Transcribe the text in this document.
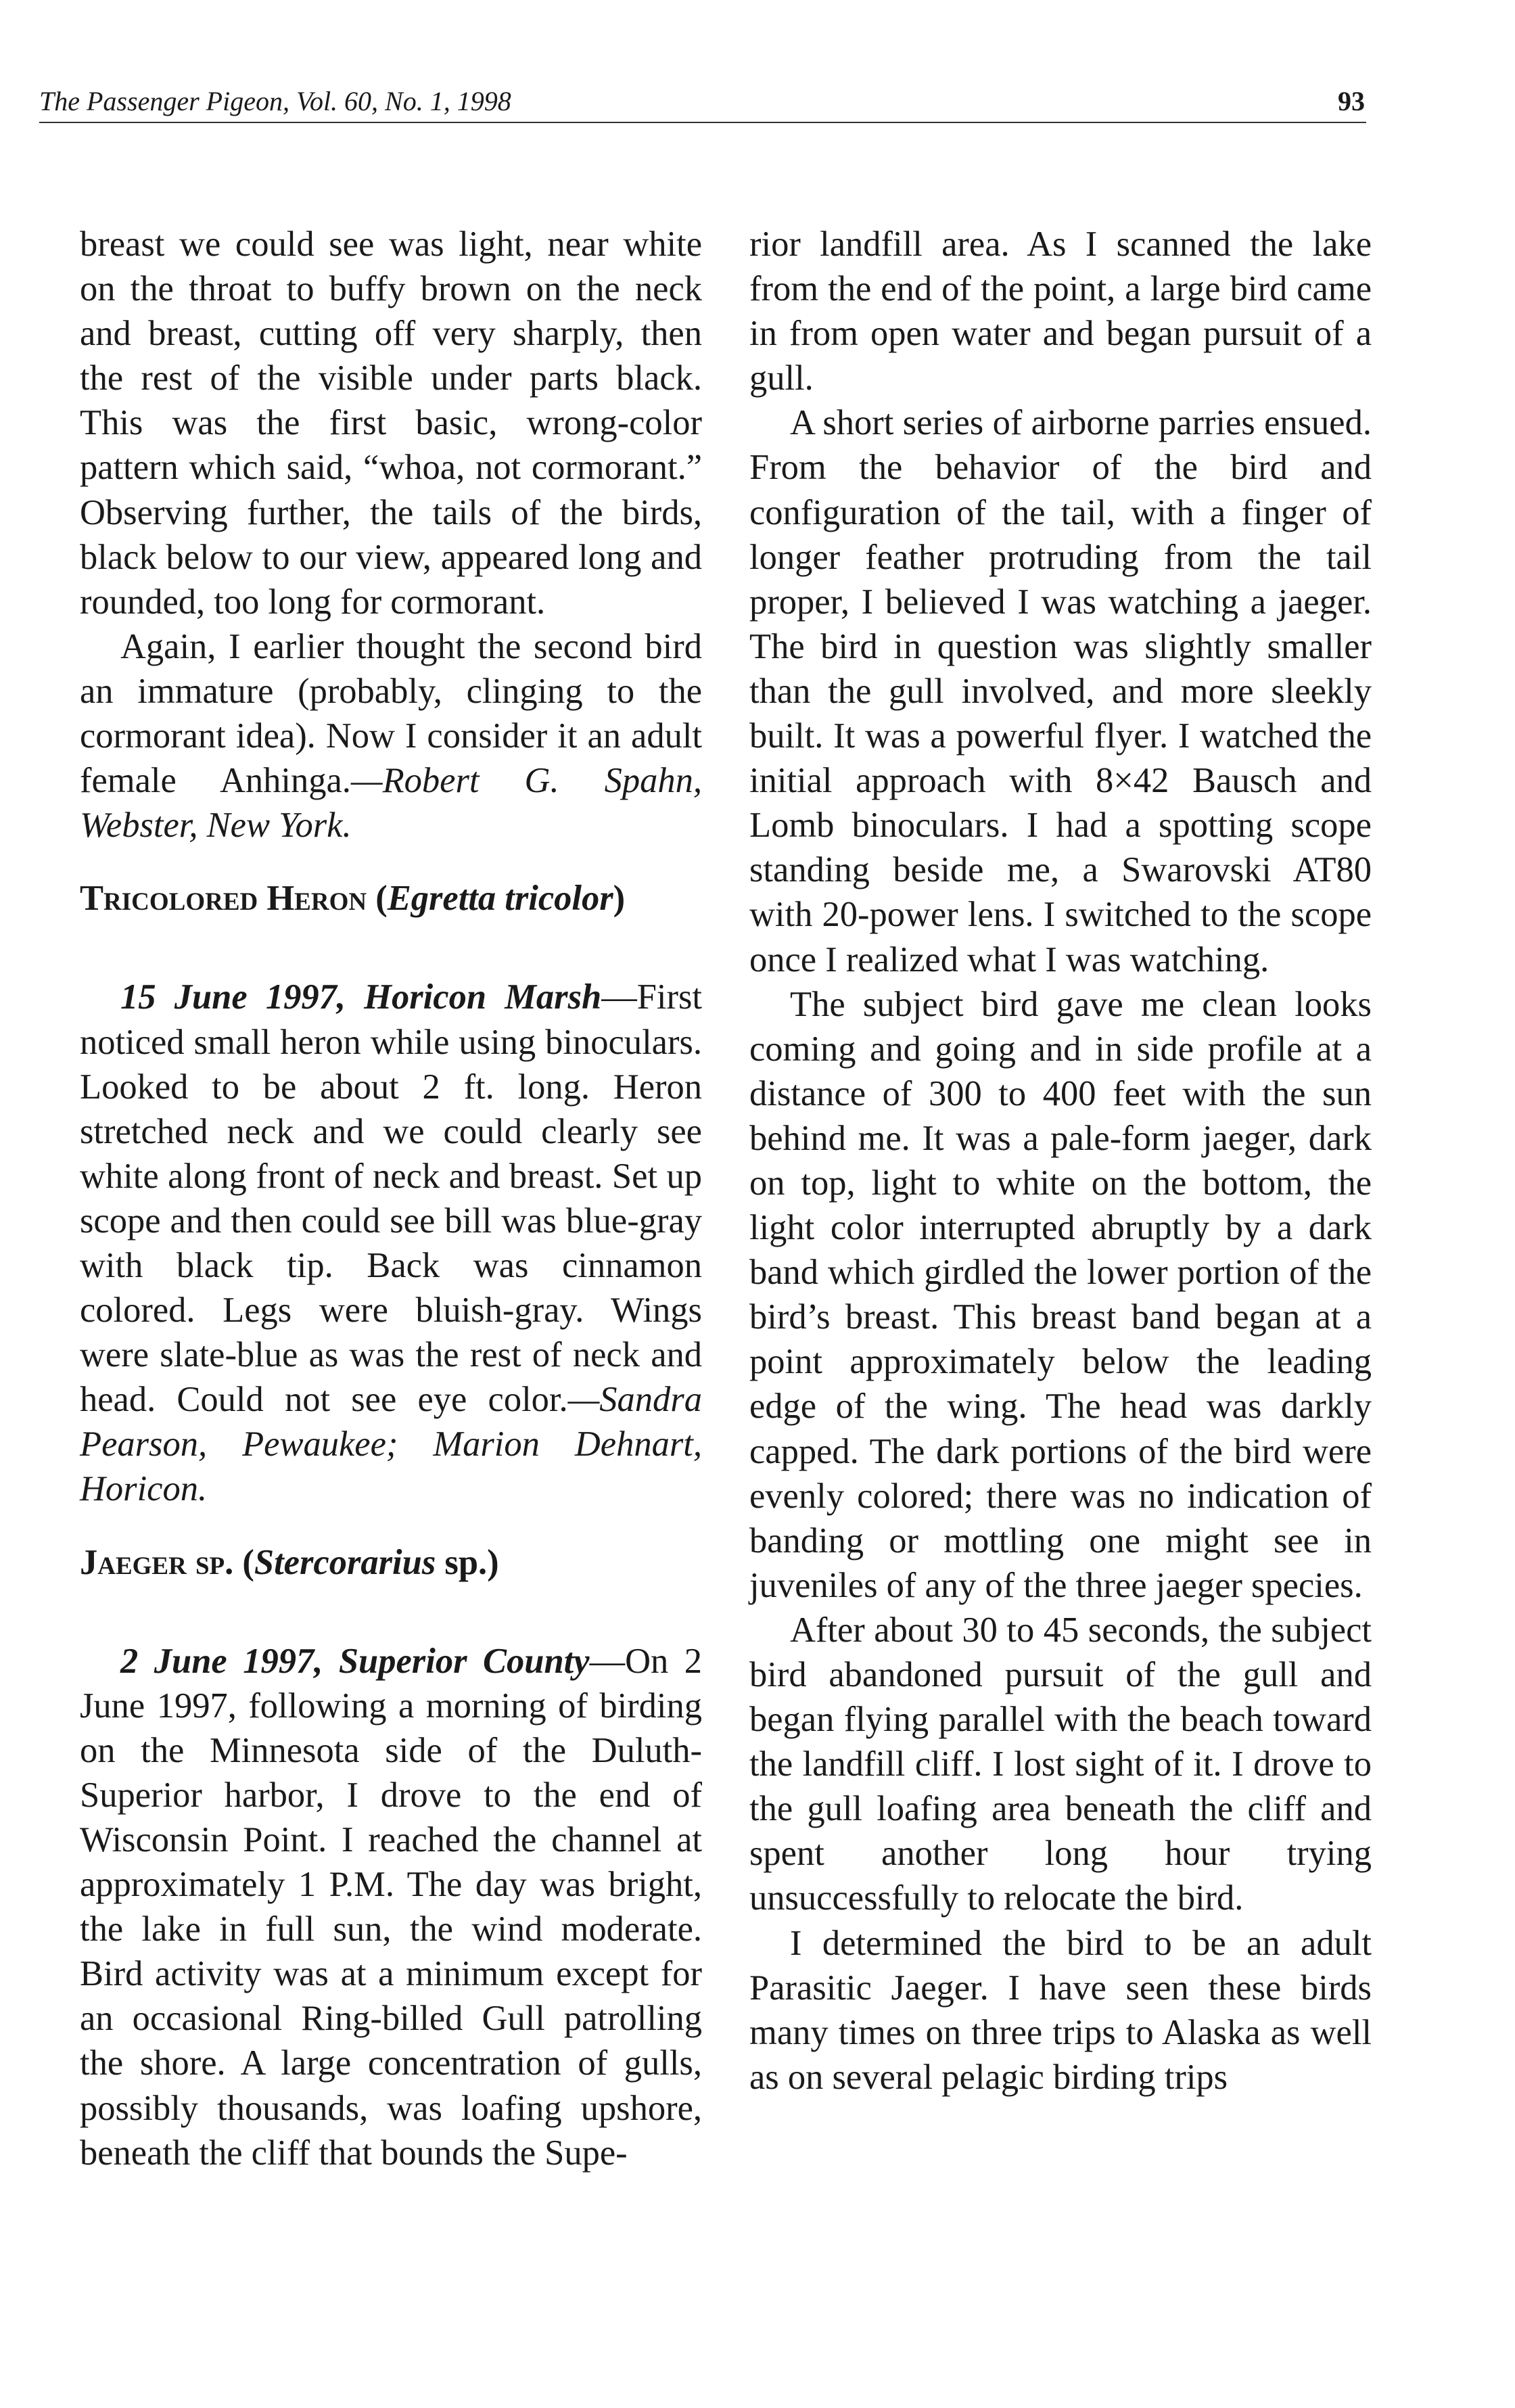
The Passenger Pigeon, Vol. 60, No. 1, 1998	93

breast we could see was light, near white on the throat to buffy brown on the neck and breast, cutting off very sharply, then the rest of the visible under parts black. This was the first basic, wrong-color pattern which said, “whoa, not cormorant.” Observing further, the tails of the birds, black below to our view, appeared long and rounded, too long for cormorant.

Again, I earlier thought the second bird an immature (probably, clinging to the cormorant idea). Now I consider it an adult female Anhinga.—Robert G. Spahn, Webster, New York.

Tricolored Heron (Egretta tricolor)

15 June 1997, Horicon Marsh—First noticed small heron while using binoculars. Looked to be about 2 ft. long. Heron stretched neck and we could clearly see white along front of neck and breast. Set up scope and then could see bill was blue-gray with black tip. Back was cinnamon colored. Legs were bluish-gray. Wings were slate-blue as was the rest of neck and head. Could not see eye color.—Sandra Pearson, Pewaukee; Marion Dehnart, Horicon.

Jaeger sp. (Stercorarius sp.)

2 June 1997, Superior County—On 2 June 1997, following a morning of birding on the Minnesota side of the Duluth-Superior harbor, I drove to the end of Wisconsin Point. I reached the channel at approximately 1 P.M. The day was bright, the lake in full sun, the wind moderate. Bird activity was at a minimum except for an occasional Ring-billed Gull patrolling the shore. A large concentration of gulls, possibly thousands, was loafing upshore, beneath the cliff that bounds the Supe-

rior landfill area. As I scanned the lake from the end of the point, a large bird came in from open water and began pursuit of a gull.

A short series of airborne parries ensued. From the behavior of the bird and configuration of the tail, with a finger of longer feather protruding from the tail proper, I believed I was watching a jaeger. The bird in question was slightly smaller than the gull involved, and more sleekly built. It was a powerful flyer. I watched the initial approach with 8×42 Bausch and Lomb binoculars. I had a spotting scope standing beside me, a Swarovski AT80 with 20-power lens. I switched to the scope once I realized what I was watching.

The subject bird gave me clean looks coming and going and in side profile at a distance of 300 to 400 feet with the sun behind me. It was a pale-form jaeger, dark on top, light to white on the bottom, the light color interrupted abruptly by a dark band which girdled the lower portion of the bird’s breast. This breast band began at a point approximately below the leading edge of the wing. The head was darkly capped. The dark portions of the bird were evenly colored; there was no indication of banding or mottling one might see in juveniles of any of the three jaeger species.

After about 30 to 45 seconds, the subject bird abandoned pursuit of the gull and began flying parallel with the beach toward the landfill cliff. I lost sight of it. I drove to the gull loafing area beneath the cliff and spent another long hour trying unsuccessfully to relocate the bird.

I determined the bird to be an adult Parasitic Jaeger. I have seen these birds many times on three trips to Alaska as well as on several pelagic birding trips
